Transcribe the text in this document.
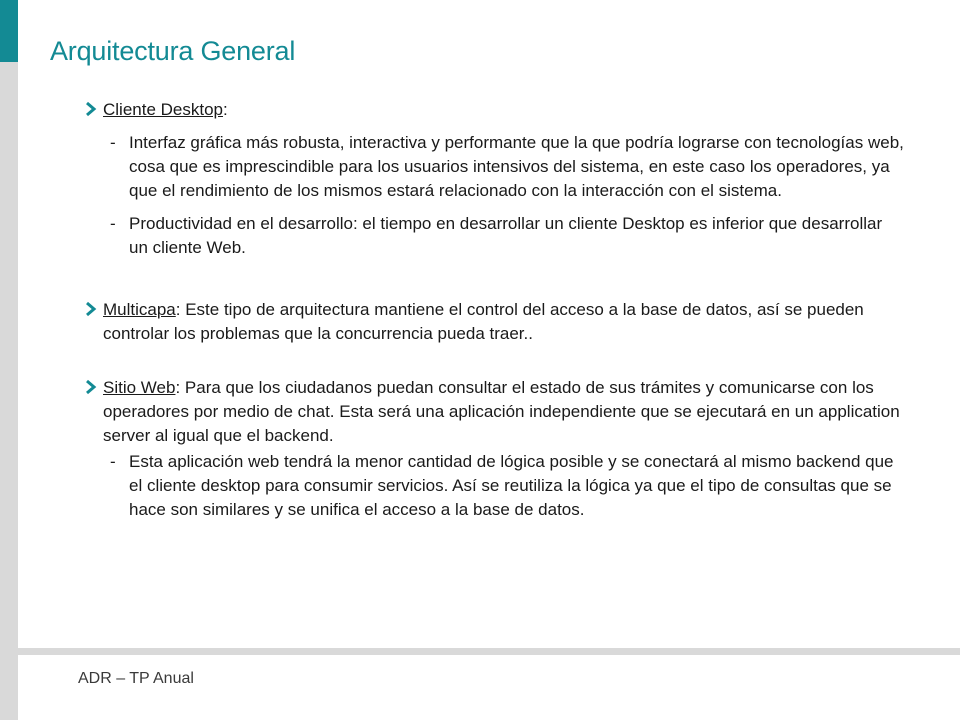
Arquitectura General
Cliente Desktop:
- Interfaz gráfica más robusta, interactiva y performante que la que podría lograrse con tecnologías web, cosa que es imprescindible para los usuarios intensivos del sistema, en este caso los operadores, ya que el rendimiento de los mismos estará relacionado con la interacción con el sistema.
- Productividad en el desarrollo: el tiempo en desarrollar un cliente Desktop es inferior que desarrollar un cliente Web.
Multicapa: Este tipo de arquitectura mantiene el control del acceso a la base de datos, así se pueden controlar los problemas que la concurrencia pueda traer..
Sitio Web: Para que los ciudadanos puedan consultar el estado de sus trámites y comunicarse con los operadores por medio de chat. Esta será una aplicación independiente que se ejecutará en un application server al igual que el backend.
- Esta aplicación web tendrá la menor cantidad de lógica posible y se conectará al mismo backend que el cliente desktop para consumir servicios. Así se reutiliza la lógica ya que el tipo de consultas que se hace son similares y se unifica el acceso a la base de datos.
ADR – TP Anual
